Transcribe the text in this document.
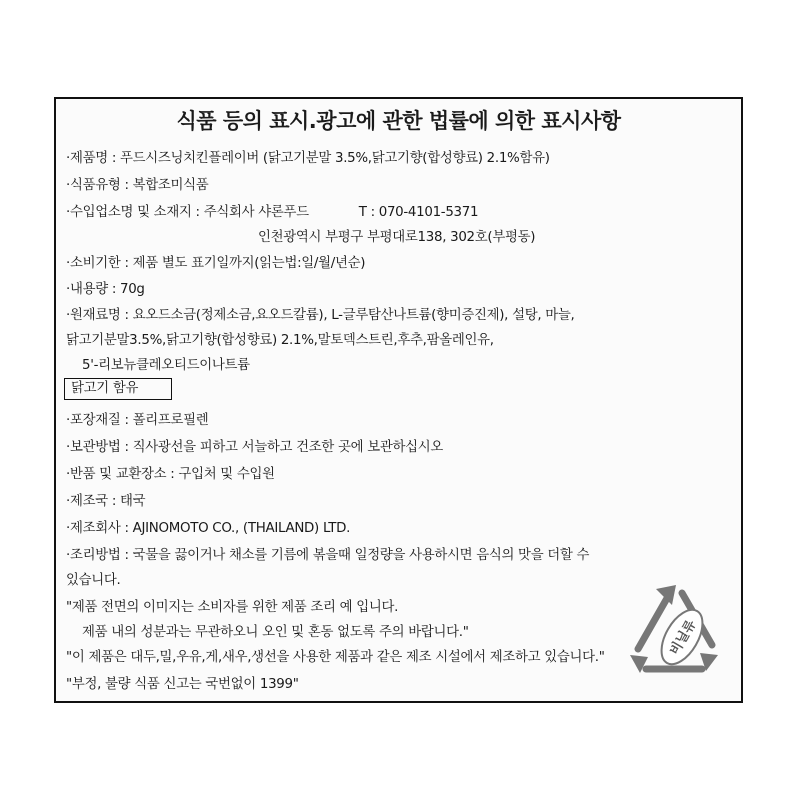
식품 등의 표시.광고에 관한 법률에 의한 표시사항
·제품명 : 푸드시즈닝치킨플레이버 (닭고기분말 3.5%,닭고기향(합성향료) 2.1%함유)
·식품유형 : 복합조미식품
·수입업소명 및 소재지 : 주식회사 샤론푸드	T : 070-4101-5371
인천광역시 부평구 부평대로138, 302호(부평동)
·소비기한 : 제품 별도 표기일까지(읽는법:일/월/년순)
·내용량 : 70g
·원재료명 : 요오드소금(정제소금,요오드칼륨), L-글루탐산나트륨(향미증진제), 설탕, 마늘,
닭고기분말3.5%,닭고기향(합성향료) 2.1%,말토덱스트린,후추,팜올레인유,
5'-리보뉴클레오티드이나트륨
닭고기 함유
·포장재질 : 폴리프로필렌
·보관방법 : 직사광선을 피하고 서늘하고 건조한 곳에 보관하십시오
·반품 및 교환장소 : 구입처 및 수입원
·제조국 : 태국
·제조회사 : AJINOMOTO CO., (THAILAND) LTD.
·조리방법 : 국물을 끓이거나 채소를 기름에 볶을때 일정량을 사용하시면 음식의 맛을 더할 수
있습니다.
"제품 전면의 이미지는 소비자를 위한 제품 조리 예 입니다.
제품 내의 성분과는 무관하오니 오인 및 혼동 없도록 주의 바랍니다."
"이 제품은 대두,밀,우유,게,새우,생선을 사용한 제품과 같은 제조 시설에서 제조하고 있습니다."
"부정, 불량 식품 신고는 국번없이 1399"
비닐류
